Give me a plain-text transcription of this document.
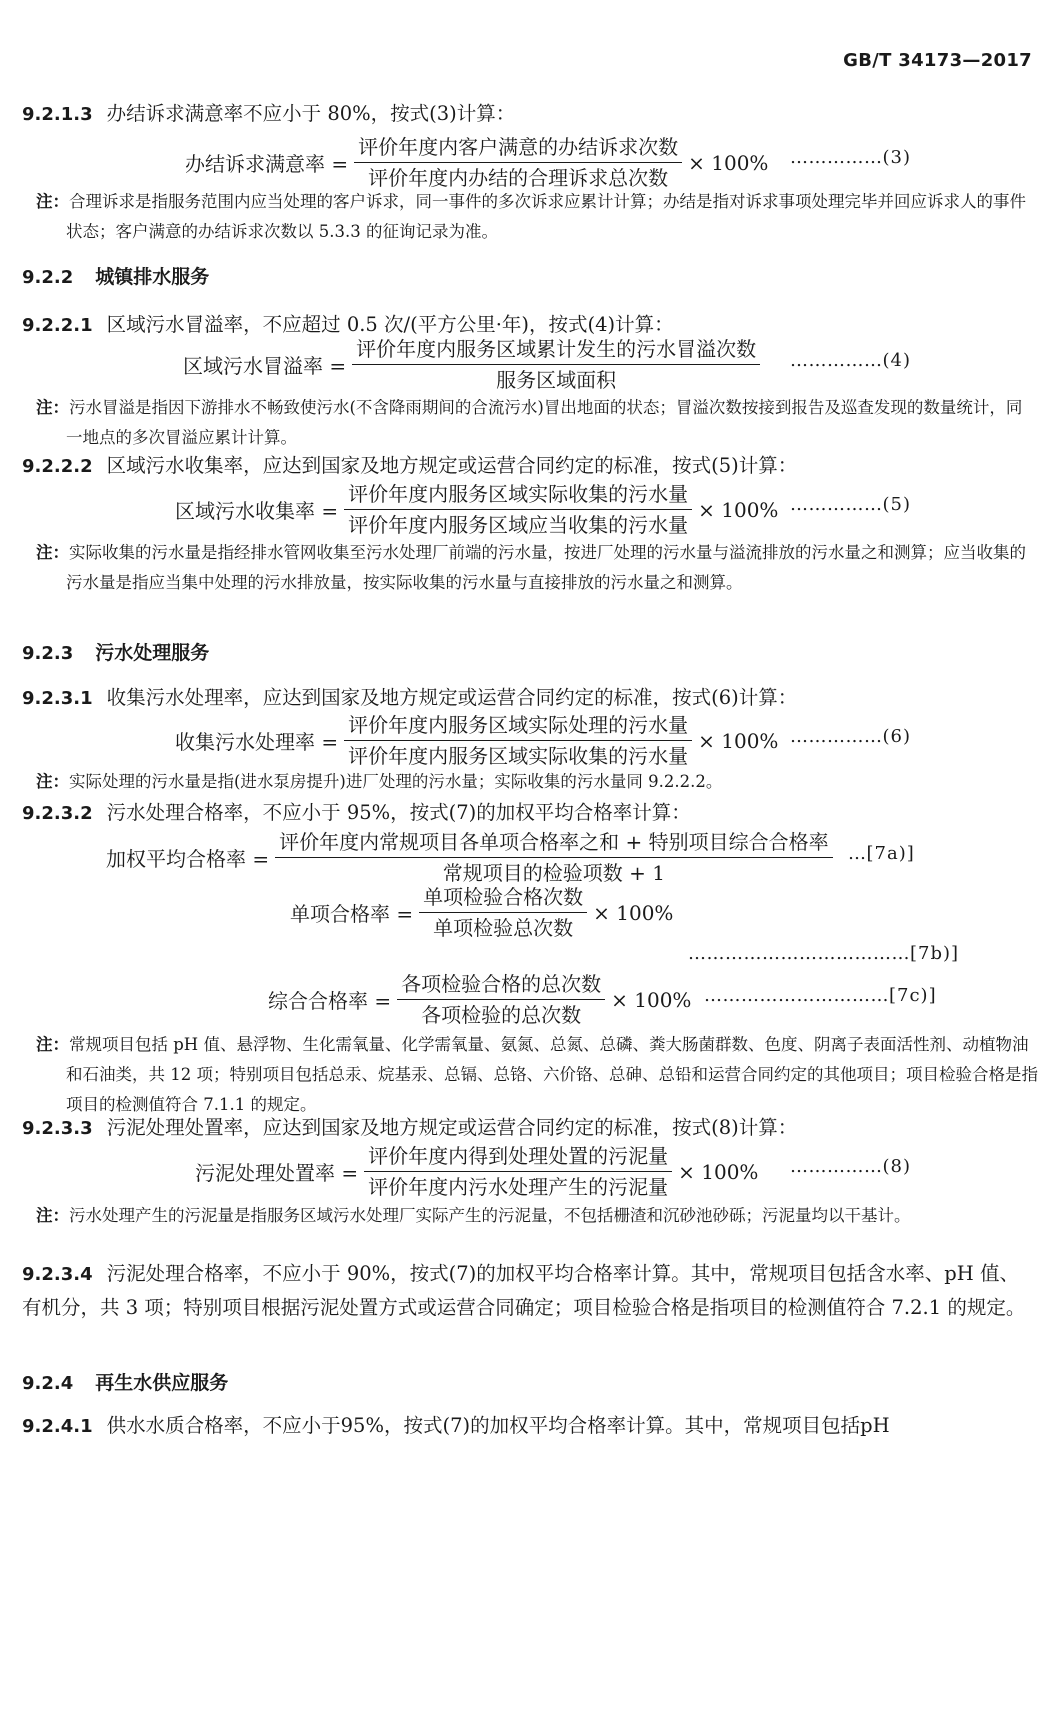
GB/T 34173—2017
9.2.1.3 办结诉求满意率不应小于 80%，按式(3)计算：
办结诉求满意率 = $\frac{\text{评价年度内客户满意的办结诉求次数}}{\text{评价年度内办结的合理诉求总次数}} \times 100\%$ ……………(3)
注：合理诉求是指服务范围内应当处理的客户诉求，同一事件的多次诉求应累计计算；办结是指对诉求事项处理完毕并回应诉求人的事件状态；客户满意的办结诉求次数以 5.3.3 的征询记录为准。
9.2.2 城镇排水服务
9.2.2.1 区域污水冒溢率，不应超过 0.5 次/(平方公里·年)，按式(4)计算：
区域污水冒溢率 = $\frac{\text{评价年度内服务区域累计发生的污水冒溢次数}}{\text{服务区域面积}}$ ……………(4)
注：污水冒溢是指因下游排水不畅致使污水(不含降雨期间的合流污水)冒出地面的状态；冒溢次数按接到报告及巡查发现的数量统计，同一地点的多次冒溢应累计计算。
9.2.2.2 区域污水收集率，应达到国家及地方规定或运营合同约定的标准，按式(5)计算：
区域污水收集率 = $\frac{\text{评价年度内服务区域实际收集的污水量}}{\text{评价年度内服务区域应当收集的污水量}} \times 100\%$ ……………(5)
注：实际收集的污水量是指经排水管网收集至污水处理厂前端的污水量，按进厂处理的污水量与溢流排放的污水量之和测算；应当收集的污水量是指应当集中处理的污水排放量，按实际收集的污水量与直接排放的污水量之和测算。
9.2.3 污水处理服务
9.2.3.1 收集污水处理率，应达到国家及地方规定或运营合同约定的标准，按式(6)计算：
收集污水处理率 = $\frac{\text{评价年度内服务区域实际处理的污水量}}{\text{评价年度内服务区域实际收集的污水量}} \times 100\%$ ……………(6)
注：实际处理的污水量是指(进水泵房提升)进厂处理的污水量；实际收集的污水量同 9.2.2.2。
9.2.3.2 污水处理合格率，不应小于 95%，按式(7)的加权平均合格率计算：
加权平均合格率 = $\frac{\text{评价年度内常规项目各单项合格率之和 + 特别项目综合合格率}}{\text{常规项目的检验项数 + 1}}$ …[7a)]
单项合格率 = $\frac{\text{单项检验合格次数}}{\text{单项检验总次数}} \times 100\%$
………………………………[7b)]
综合合格率 = $\frac{\text{各项检验合格的总次数}}{\text{各项检验的总次数}} \times 100\%$ …………………………[7c)]
注：常规项目包括 pH 值、悬浮物、生化需氧量、化学需氧量、氨氮、总氮、总磷、粪大肠菌群数、色度、阴离子表面活性剂、动植物油和石油类，共 12 项；特别项目包括总汞、烷基汞、总镉、总铬、六价铬、总砷、总铅和运营合同约定的其他项目；项目检验合格是指项目的检测值符合 7.1.1 的规定。
9.2.3.3 污泥处理处置率，应达到国家及地方规定或运营合同约定的标准，按式(8)计算：
污泥处理处置率 = $\frac{\text{评价年度内得到处理处置的污泥量}}{\text{评价年度内污水处理产生的污泥量}} \times 100\%$ ……………(8)
注：污水处理产生的污泥量是指服务区域污水处理厂实际产生的污泥量，不包括栅渣和沉砂池砂砾；污泥量均以干基计。
9.2.3.4 污泥处理合格率，不应小于 90%，按式(7)的加权平均合格率计算。其中，常规项目包括含水率、pH 值、有机分，共 3 项；特别项目根据污泥处置方式或运营合同确定；项目检验合格是指项目的检测值符合 7.2.1 的规定。
9.2.4 再生水供应服务
9.2.4.1 供水水质合格率，不应小于95%，按式(7)的加权平均合格率计算。其中，常规项目包括pH
